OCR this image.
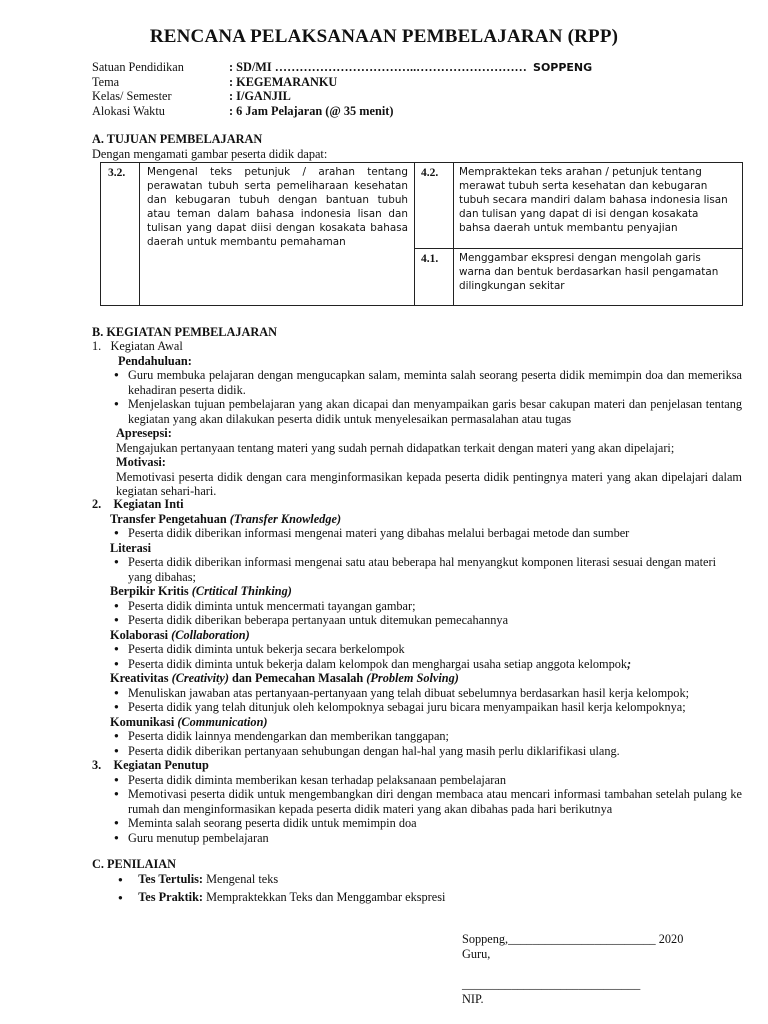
RENCANA PELAKSANAAN PEMBELAJARAN (RPP)
Satuan Pendidikan	: SD/MI ……………………………..……………………… SOPPENG
Tema	: KEGEMARANKU
Kelas/ Semester	: I/GANJIL
Alokasi Waktu	: 6 Jam Pelajaran (@ 35 menit)
A. TUJUAN PEMBELAJARAN
Dengan mengamati gambar peserta didik dapat:
3.2. Mengenal teks petunjuk / arahan tentang perawatan tubuh serta pemeliharaan kesehatan dan kebugaran tubuh dengan bantuan tubuh atau teman dalam bahasa indonesia lisan dan tulisan yang dapat diisi dengan kosakata bahasa daerah untuk membantu pemahaman
4.2. Mempraktekan teks arahan / petunjuk tentang merawat tubuh serta kesehatan dan kebugaran tubuh secara mandiri dalam bahasa indonesia lisan dan tulisan yang dapat di isi dengan kosakata bahsa daerah untuk membantu penyajian
4.1. Menggambar ekspresi dengan mengolah garis warna dan bentuk berdasarkan hasil pengamatan dilingkungan sekitar
B. KEGIATAN PEMBELAJARAN
1.   Kegiatan Awal
Pendahuluan:
● Guru membuka pelajaran dengan mengucapkan salam, meminta salah seorang peserta didik memimpin doa dan memeriksa kehadiran peserta didik.
● Menjelaskan tujuan pembelajaran yang akan dicapai dan menyampaikan garis besar cakupan materi dan penjelasan tentang kegiatan yang akan dilakukan peserta didik untuk menyelesaikan permasalahan atau tugas
Apresepsi:
Mengajukan pertanyaan tentang materi yang sudah pernah didapatkan terkait dengan materi yang akan dipelajari;
Motivasi:
Memotivasi peserta didik dengan cara menginformasikan kepada peserta didik pentingnya materi yang akan dipelajari dalam kegiatan sehari-hari.
2. Kegiatan Inti
Transfer Pengetahuan (Transfer Knowledge)
● Peserta didik diberikan informasi mengenai materi yang dibahas melalui berbagai metode dan sumber
Literasi
● Peserta didik diberikan informasi mengenai satu atau beberapa hal menyangkut komponen literasi sesuai dengan materi yang dibahas;
Berpikir Kritis (Crtitical Thinking)
● Peserta didik diminta untuk mencermati tayangan gambar;
● Peserta didik diberikan beberapa pertanyaan untuk ditemukan pemecahannya
Kolaborasi (Collaboration)
● Peserta didik diminta untuk bekerja secara berkelompok
● Peserta didik diminta untuk bekerja dalam kelompok dan menghargai usaha setiap anggota kelompok;
Kreativitas (Creativity) dan Pemecahan Masalah (Problem Solving)
● Menuliskan jawaban atas pertanyaan-pertanyaan yang telah dibuat sebelumnya berdasarkan hasil kerja kelompok;
● Peserta didik yang telah ditunjuk oleh kelompoknya sebagai juru bicara menyampaikan hasil kerja kelompoknya;
Komunikasi (Communication)
● Peserta didik lainnya mendengarkan dan memberikan tanggapan;
● Peserta didik diberikan pertanyaan sehubungan dengan hal-hal yang masih perlu diklarifikasi ulang.
3. Kegiatan Penutup
● Peserta didik diminta memberikan kesan terhadap pelaksanaan pembelajaran
● Memotivasi peserta didik untuk mengembangkan diri dengan membaca atau mencari informasi tambahan setelah pulang ke rumah dan menginformasikan kepada peserta didik materi yang akan dibahas pada hari berikutnya
● Meminta salah seorang peserta didik untuk memimpin doa
● Guru menutup pembelajaran
C. PENILAIAN
● Tes Tertulis: Mengenal teks
● Tes Praktik: Mempraktekkan Teks dan Menggambar ekspresi
Soppeng,________________________ 2020
Guru,
_____________________________
NIP.
